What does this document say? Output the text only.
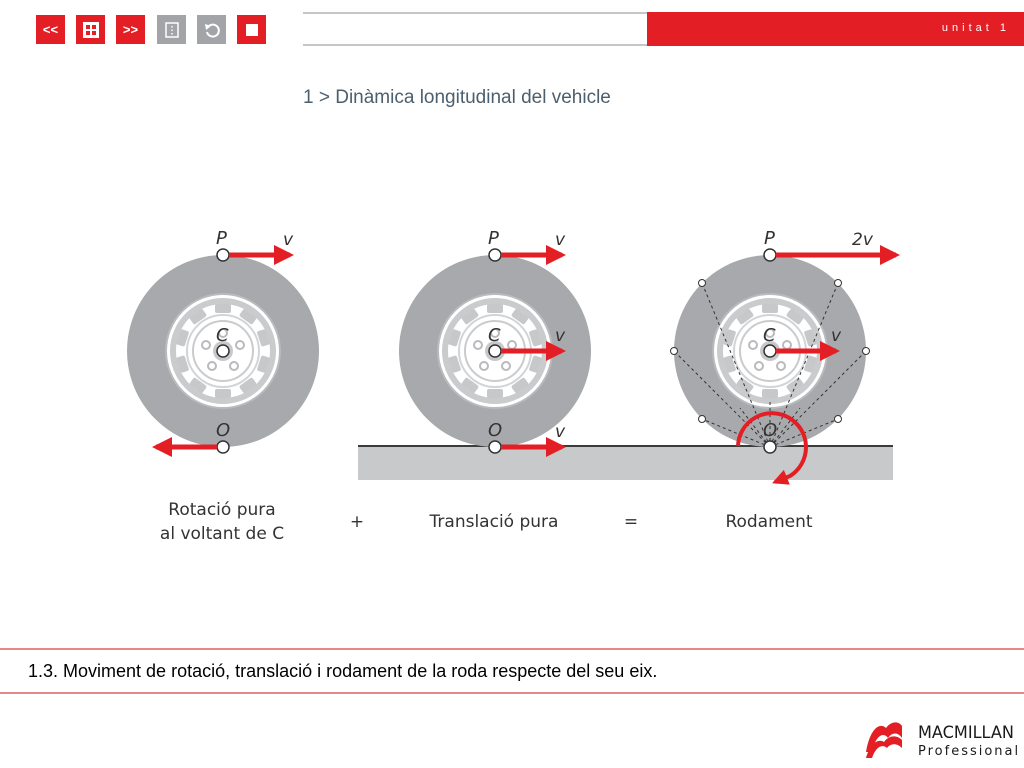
<<	>>	unitat 1
1 > Dinàmica longitudinal del vehicle
P
C
O
v
Rotació pura
al voltant de C
+
P
C
O
v
v
v
Translació pura	=
P
C
O
2v
v
Rodament
1.3. Moviment de rotació, translació i rodament de la roda respecte del seu eix.
MACMILLAN
Professional
